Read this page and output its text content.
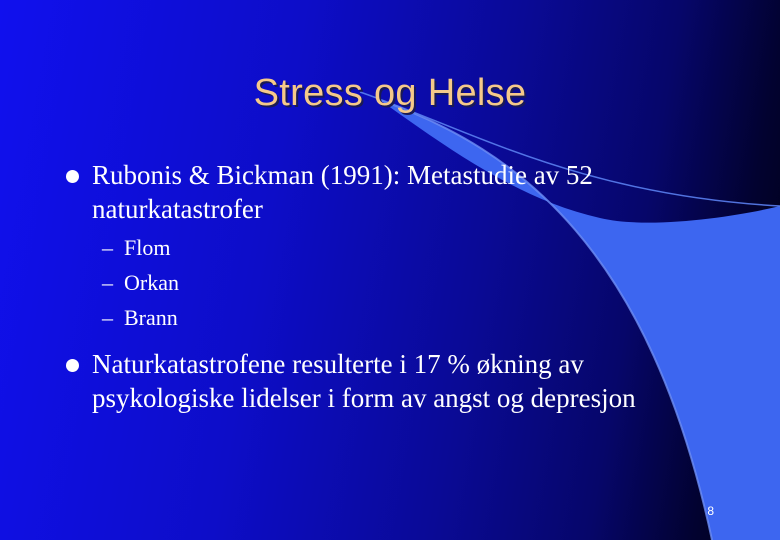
Stress og Helse
Rubonis & Bickman (1991): Metastudie av 52 naturkatastrofer
– Flom
– Orkan
– Brann
Naturkatastrofene resulterte i 17 % økning av psykologiske lidelser i form av angst og depresjon
8
